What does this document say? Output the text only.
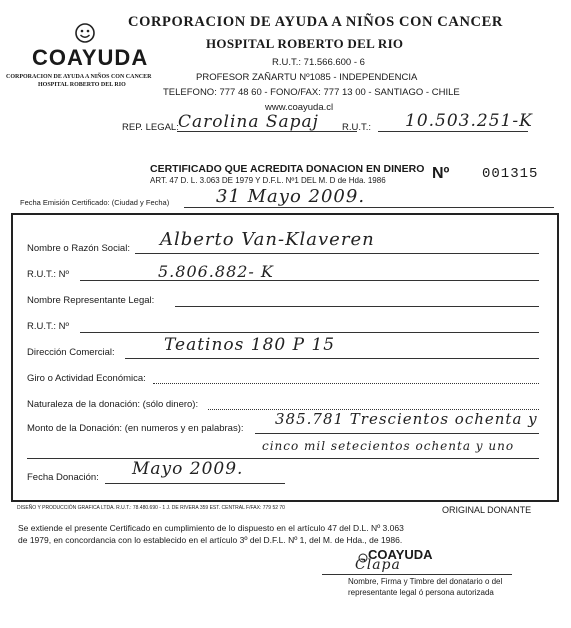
CORPORACION DE AYUDA A NIÑOS CON CANCER
HOSPITAL ROBERTO DEL RIO
R.U.T.: 71.566.600 - 6
PROFESOR ZAÑARTU Nº1085 - INDEPENDENCIA
TELEFONO: 777 48 60 - FONO/FAX: 777 13 00 - SANTIAGO - CHILE
www.coayuda.cl
COAYUDA
CORPORACION DE AYUDA A NIÑOS CON CANCER
HOSPITAL ROBERTO DEL RIO
REP. LEGAL: Carolina Sapaj R.U.T.: 10.503.251-K
CERTIFICADO QUE ACREDITA DONACION EN DINERO
ART. 47 D. L. 3.063 DE 1979 Y D.F.L. Nº1 DEL M. D de Hda. 1986	Nº 001315
Fecha Emisión Certificado: (Ciudad y Fecha)	31 Mayo 2009.
Nombre o Razón Social: Alberto Van-Klaveren
R.U.T.: Nº	5.806.882- K
Nombre Representante Legal:
R.U.T.: Nº
Dirección Comercial:	Teatinos 180 P 15
Giro o Actividad Económica:
Naturaleza de la donación: (sólo dinero):
Monto de la Donación: (en numeros y en palabras):
385.781 Trescientos ochenta y
cinco mil setecientos ochenta y uno
Fecha Donación: Mayo 2009.
DISEÑO Y PRODUCCIÓN GRAFICA LTDA. R.U.T.: 78.480.690 - 1 J. DE RIVERA 359 EST. CENTRAL F/FAX: 779 52 70	ORIGINAL DONANTE
Se extiende el presente Certificado en cumplimiento de lo dispuesto en el artículo 47 del D.L. Nº 3.063
de 1979, en concordancia con lo establecido en el artículo 3º del D.F.L. Nº 1, del M. de Hda., de 1986.
COAYUDA
Clapa
Nombre, Firma y Timbre del donatario o del
representante legal ó persona autorizada
